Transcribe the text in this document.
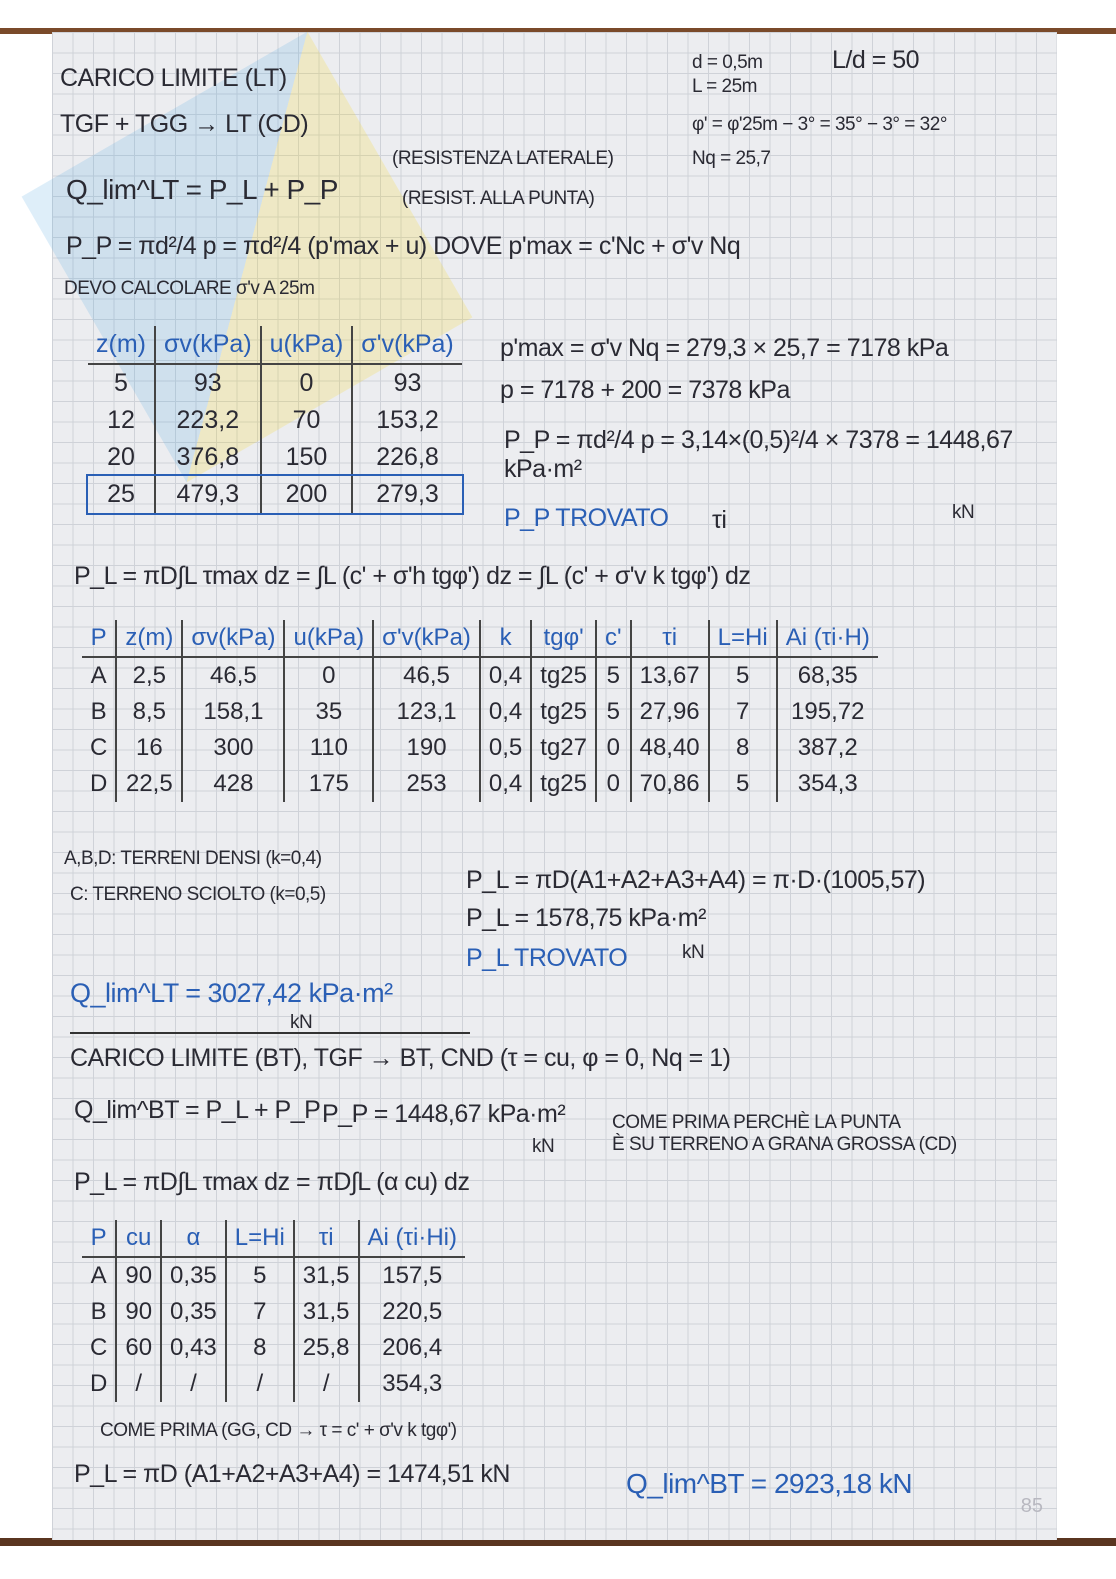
CARICO LIMITE (LT)
TGF + TGG → LT (CD)
Q_lim^LT = P_L + P_P
(RESISTENZA LATERALE)
(RESIST. ALLA PUNTA)
P_P = πd²/4 p = πd²/4 (p'max + u) DOVE p'max = c'Nc + σ'v Nq
DEVO CALCOLARE σ'v A 25m
d = 0,5m
L = 25m
L/d = 50
φ' = φ'25m − 3° = 35° − 3° = 32°
Nq = 25,7
z(m)	σv(kPa)	u(kPa)	σ'v(kPa)
5	93	0	93
12	223,2	70	153,2
20	376,8	150	226,8
25	479,3	200	279,3
p'max = σ'v Nq = 279,3 × 25,7 = 7178 kPa
p = 7178 + 200 = 7378 kPa
P_P = πd²/4 p = 3,14×(0,5)²/4 × 7378 = 1448,67 kPa·m²
kN
P_P TROVATO τi
P_L = πD∫L τmax dz = ∫L (c' + σ'h tgφ') dz = ∫L (c' + σ'v k tgφ') dz
P	z(m)	σv(kPa)	u(kPa)	σ'v(kPa)	k	tgφ'	c'	τi	L=Hi	Ai (τi·H)
A	2,5	46,5	0	46,5	0,4	tg25	5	13,67	5	68,35
B	8,5	158,1	35	123,1	0,4	tg25	5	27,96	7	195,72
C	16	300	110	190	0,5	tg27	0	48,40	8	387,2
D	22,5	428	175	253	0,4	tg25	0	70,86	5	354,3
A,B,D: TERRENI DENSI (k=0,4)
C: TERRENO SCIOLTO (k=0,5)
P_L = πD(A1+A2+A3+A4) = π·D·(1005,57)
P_L = 1578,75 kPa·m²
kN
P_L TROVATO
Q_lim^LT = 3027,42 kPa·m²
kN
CARICO LIMITE (BT), TGF → BT, CND (τ = cu, φ = 0, Nq = 1)
Q_lim^BT = P_L + P_P P_P = 1448,67 kPa·m²
kN
COME PRIMA PERCHÈ LA PUNTA
È SU TERRENO A GRANA GROSSA (CD)
P_L = πD∫L τmax dz = πD∫L (α cu) dz
P	cu	α	L=Hi	τi	Ai (τi·Hi)
A	90	0,35	5	31,5	157,5
B	90	0,35	7	31,5	220,5
C	60	0,43	8	25,8	206,4
D	/	/	/	/	354,3
COME PRIMA (GG, CD → τ = c' + σ'v k tgφ')
P_L = πD (A1+A2+A3+A4) = 1474,51 kN	Q_lim^BT = 2923,18 kN
85
